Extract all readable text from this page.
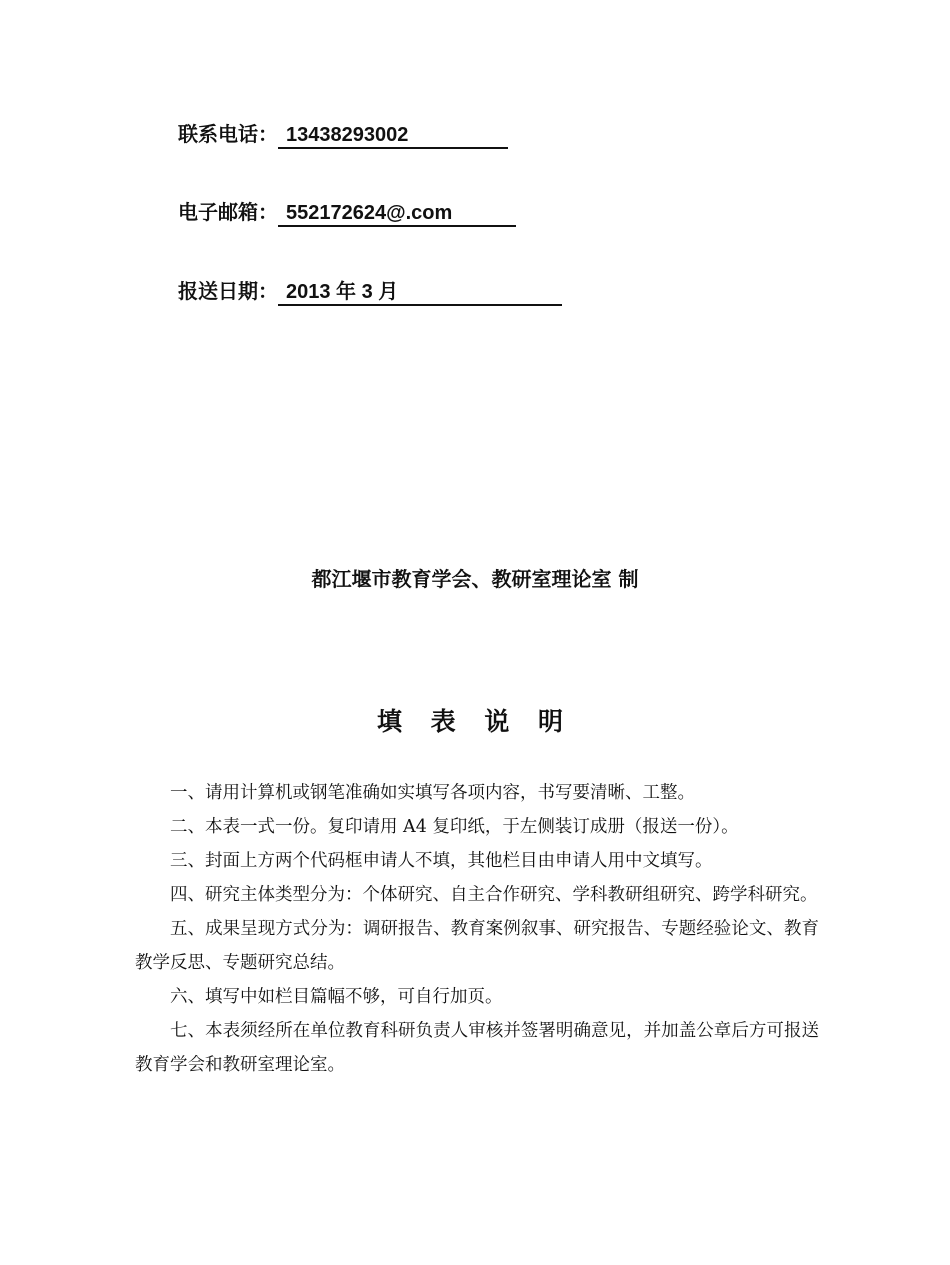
联系电话： 13438293002
电子邮箱： 552172624@.com
报送日期： 2013 年 3 月
都江堰市教育学会、教研室理论室 制
填 表 说 明

一、请用计算机或钢笔准确如实填写各项内容，书写要清晰、工整。

二、本表一式一份。复印请用 A4 复印纸，于左侧装订成册（报送一份）。

三、封面上方两个代码框申请人不填，其他栏目由申请人用中文填写。

四、研究主体类型分为：个体研究、自主合作研究、学科教研组研究、跨学科研究。

五、成果呈现方式分为：调研报告、教育案例叙事、研究报告、专题经验论文、教育教学反思、专题研究总结。

六、填写中如栏目篇幅不够，可自行加页。

七、本表须经所在单位教育科研负责人审核并签署明确意见，并加盖公章后方可报送教育学会和教研室理论室。
